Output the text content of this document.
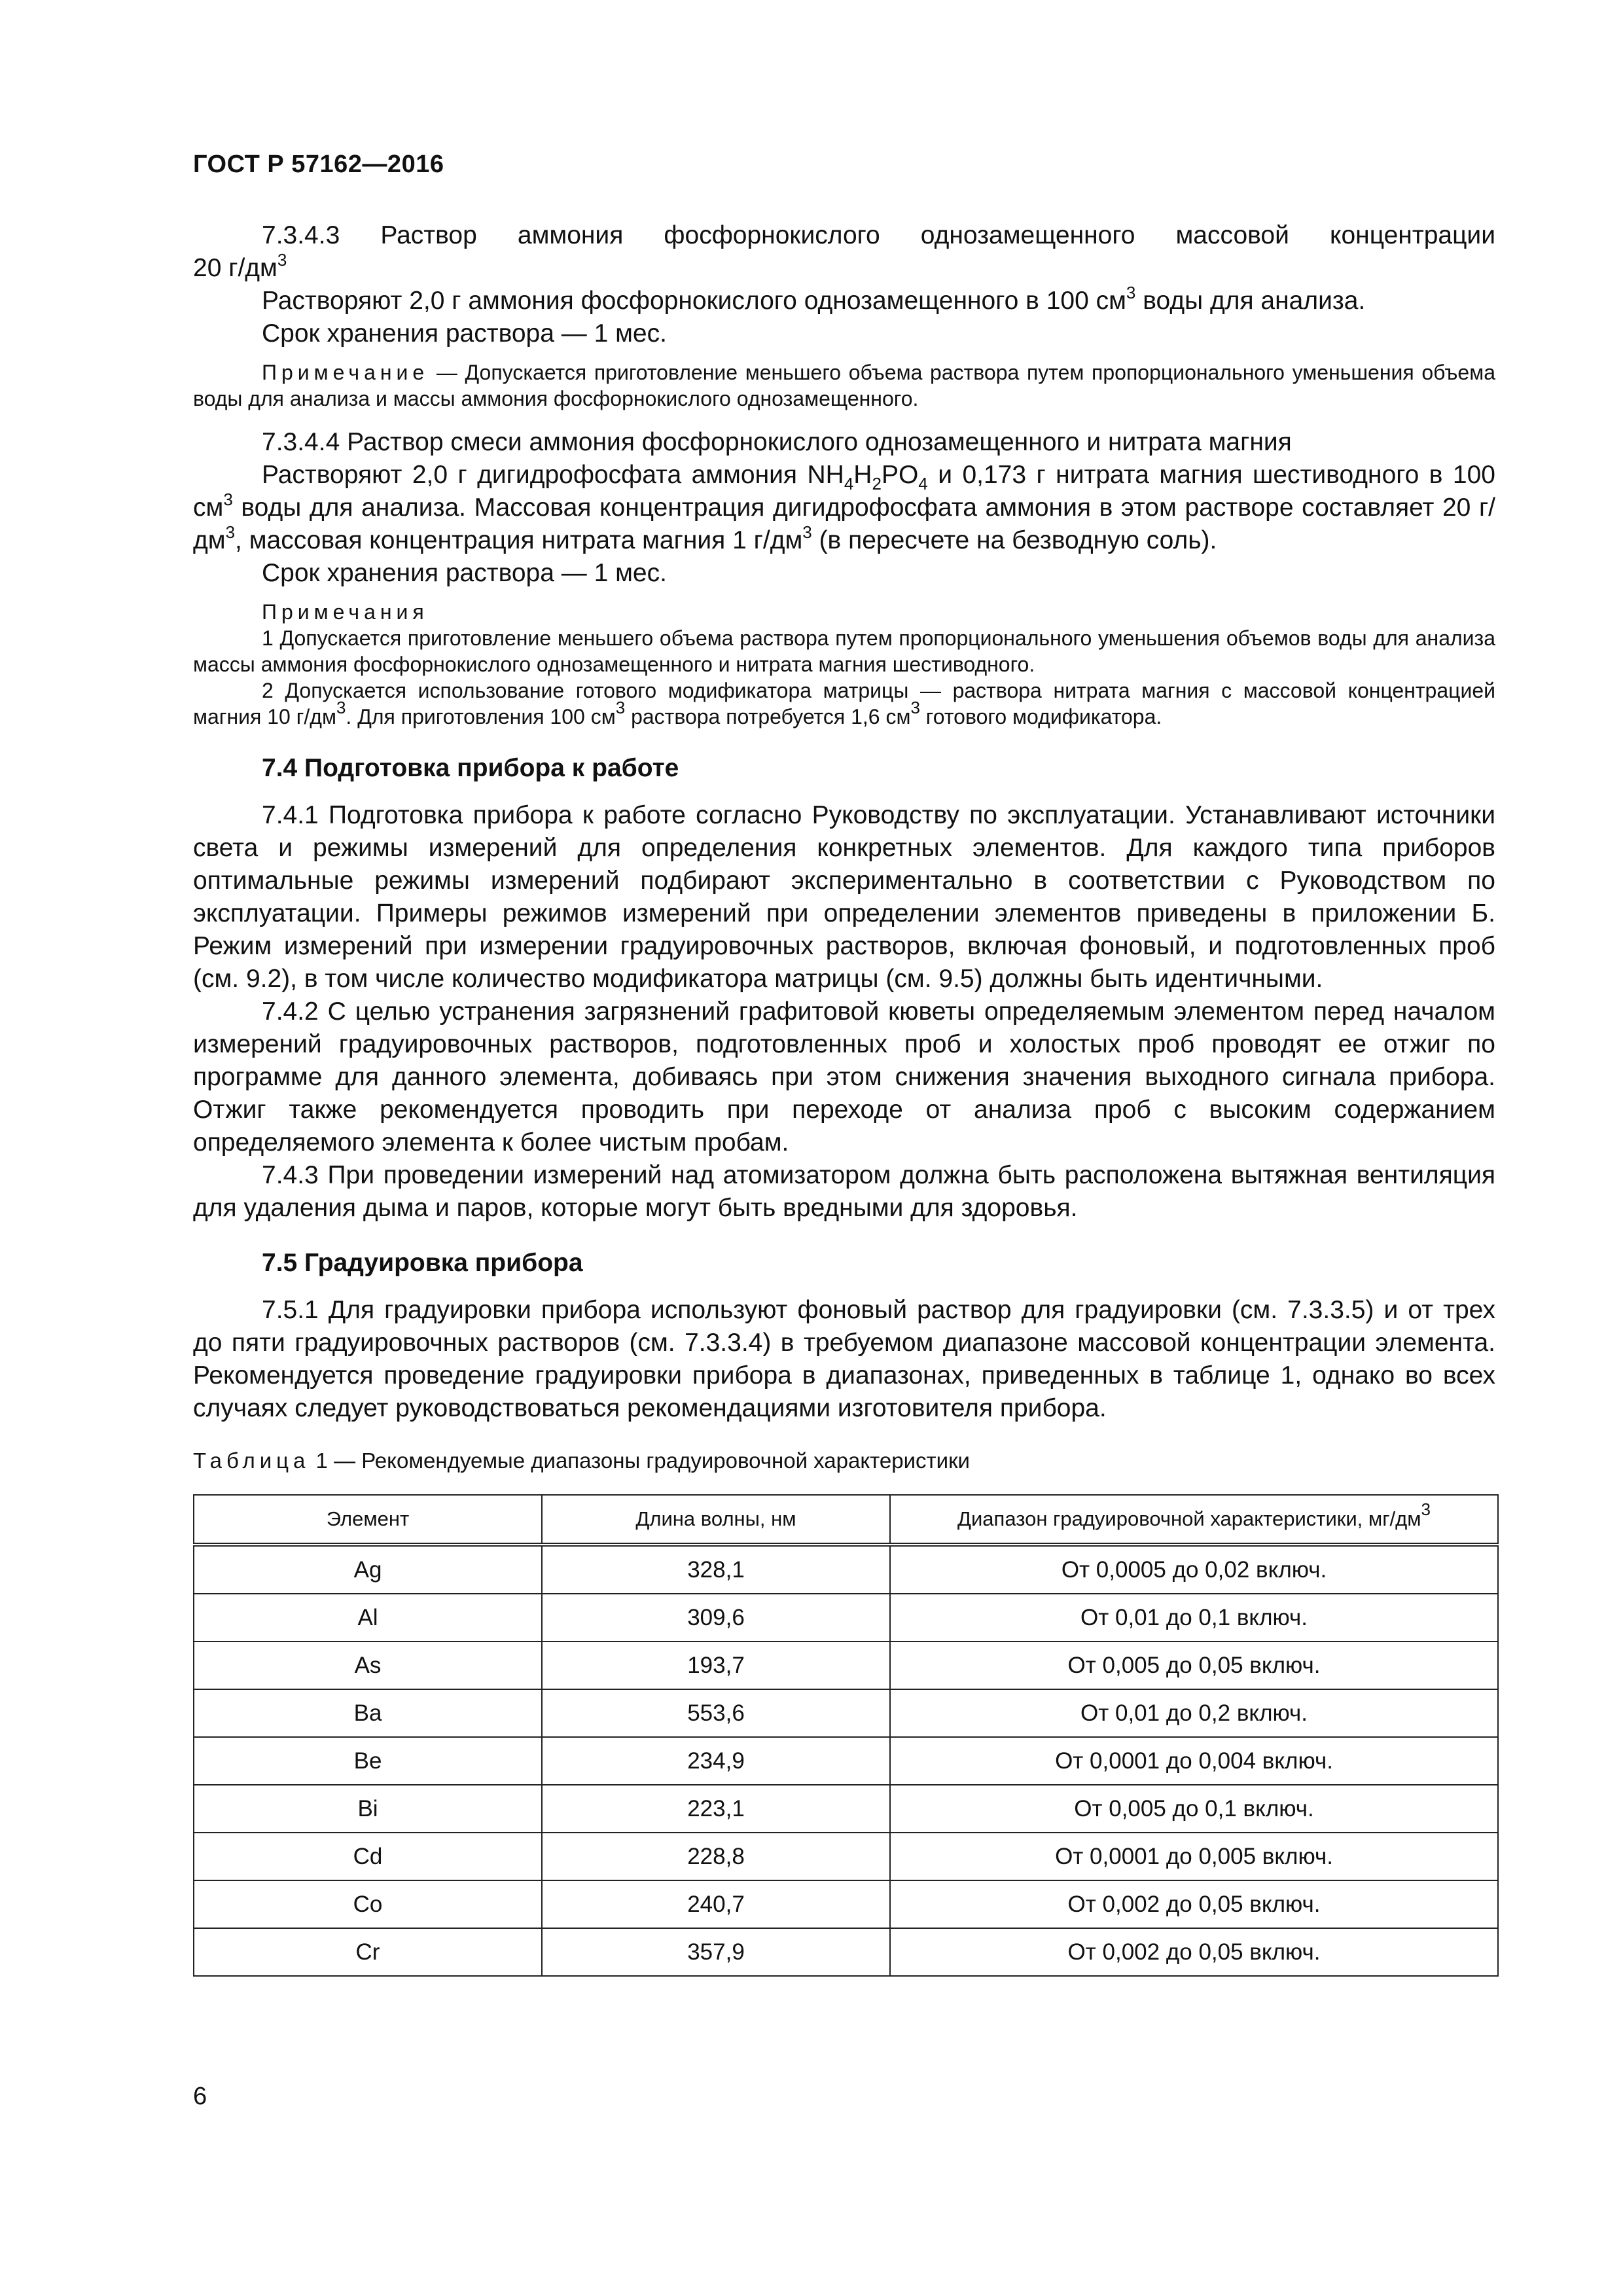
ГОСТ Р 57162—2016

7.3.4.3 Раствор аммония фосфорнокислого однозамещенного массовой концентрации

20 $г/дм^3$

Растворяют 2,0 г аммония фосфорнокислого однозамещенного в 100 $см^3$ воды для анализа.

Срок хранения раствора — 1 мес.

Примечание — Допускается приготовление меньшего объема раствора путем пропорционального уменьшения объема воды для анализа и массы аммония фосфорнокислого однозамещенного.

7.3.4.4 Раствор смеси аммония фосфорнокислого однозамещенного и нитрата магния

Растворяют 2,0 г дигидрофосфата аммония $NH_4H_2PO_4$ и 0,173 г нитрата магния шестиводного в 100 $см^3$ воды для анализа. Массовая концентрация дигидрофосфата аммония в этом растворе составляет 20 $г/дм^3$, массовая концентрация нитрата магния 1 $г/дм^3$ (в пересчете на безводную соль).

Срок хранения раствора — 1 мес.

Примечания

1 Допускается приготовление меньшего объема раствора путем пропорционального уменьшения объемов воды для анализа массы аммония фосфорнокислого однозамещенного и нитрата магния шестиводного.

2 Допускается использование готового модификатора матрицы — раствора нитрата магния с массовой концентрацией магния 10 $г/дм^3$. Для приготовления 100 $см^3$ раствора потребуется 1,6 $см^3$ готового модификатора.

7.4 Подготовка прибора к работе

7.4.1 Подготовка прибора к работе согласно Руководству по эксплуатации. Устанавливают источники света и режимы измерений для определения конкретных элементов. Для каждого типа приборов оптимальные режимы измерений подбирают экспериментально в соответствии с Руководством по эксплуатации. Примеры режимов измерений при определении элементов приведены в приложении Б. Режим измерений при измерении градуировочных растворов, включая фоновый, и подготовленных проб (см. 9.2), в том числе количество модификатора матрицы (см. 9.5) должны быть идентичными.

7.4.2 С целью устранения загрязнений графитовой кюветы определяемым элементом перед началом измерений градуировочных растворов, подготовленных проб и холостых проб проводят ее отжиг по программе для данного элемента, добиваясь при этом снижения значения выходного сигнала прибора. Отжиг также рекомендуется проводить при переходе от анализа проб с высоким содержанием определяемого элемента к более чистым пробам.

7.4.3 При проведении измерений над атомизатором должна быть расположена вытяжная вентиляция для удаления дыма и паров, которые могут быть вредными для здоровья.

7.5 Градуировка прибора

7.5.1 Для градуировки прибора используют фоновый раствор для градуировки (см. 7.3.3.5) и от трех до пяти градуировочных растворов (см. 7.3.3.4) в требуемом диапазоне массовой концентрации элемента. Рекомендуется проведение градуировки прибора в диапазонах, приведенных в таблице 1, однако во всех случаях следует руководствоваться рекомендациями изготовителя прибора.

Таблица 1 — Рекомендуемые диапазоны градуировочной характеристики

Элемент	Длина волны, нм	Диапазон градуировочной характеристики, $мг/дм^3$
Ag	328,1	От 0,0005 до 0,02 включ.
Al	309,6	От 0,01 до 0,1 включ.
As	193,7	От 0,005 до 0,05 включ.
Ba	553,6	От 0,01 до 0,2 включ.
Be	234,9	От 0,0001 до 0,004 включ.
Bi	223,1	От 0,005 до 0,1 включ.
Cd	228,8	От 0,0001 до 0,005 включ.
Co	240,7	От 0,002 до 0,05 включ.
Cr	357,9	От 0,002 до 0,05 включ.
6
